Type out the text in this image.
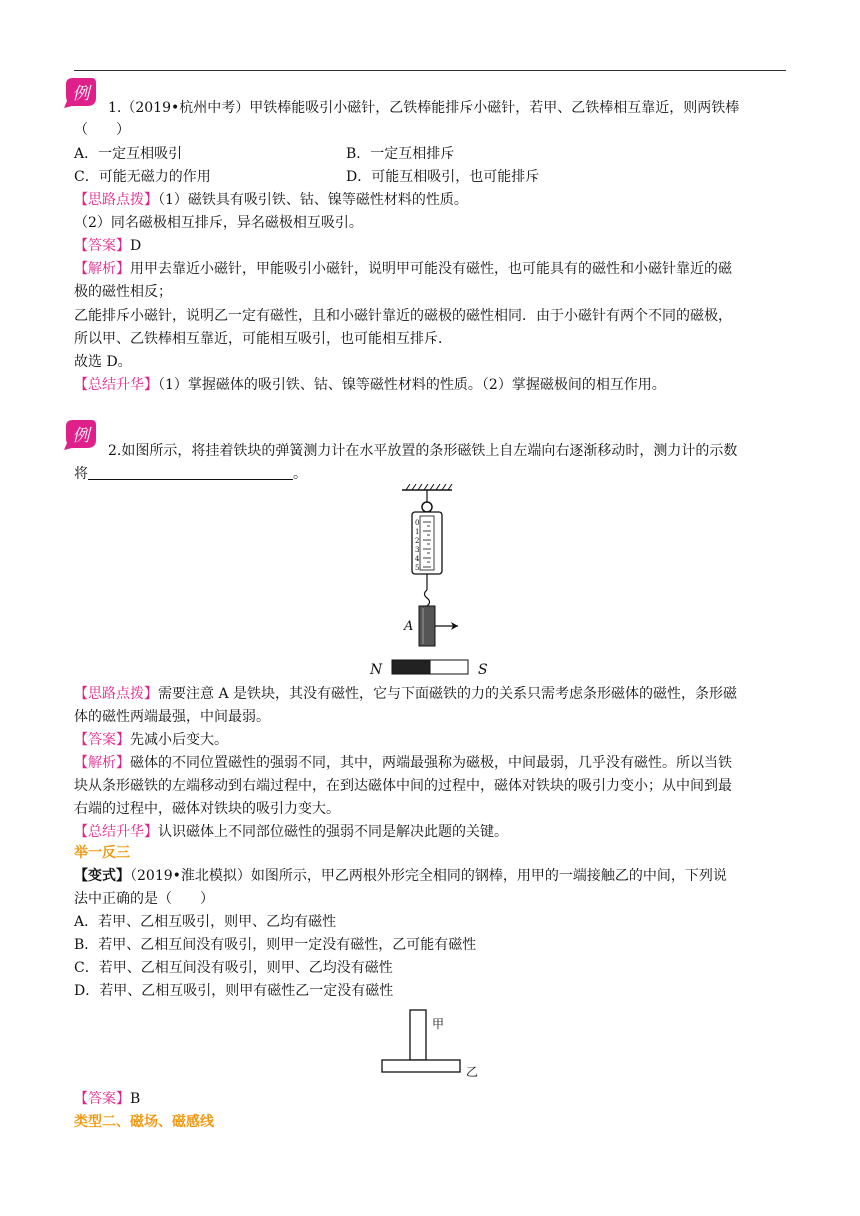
例
1.（2019•杭州中考）甲铁棒能吸引小磁针，乙铁棒能排斥小磁针，若甲、乙铁棒相互靠近，则两铁棒
（　　）
A．一定互相吸引	B．一定互相排斥
C．可能无磁力的作用	D．可能互相吸引，也可能排斥
【思路点拨】（1）磁铁具有吸引铁、钴、镍等磁性材料的性质。
（2）同名磁极相互排斥，异名磁极相互吸引。
【答案】D
【解析】用甲去靠近小磁针，甲能吸引小磁针，说明甲可能没有磁性，也可能具有的磁性和小磁针靠近的磁
极的磁性相反；
乙能排斥小磁针，说明乙一定有磁性，且和小磁针靠近的磁极的磁性相同．由于小磁针有两个不同的磁极，
所以甲、乙铁棒相互靠近，可能相互吸引，也可能相互排斥．
故选 D。
【总结升华】（1）掌握磁体的吸引铁、钴、镍等磁性材料的性质。（2）掌握磁极间的相互作用。
例
2.如图所示，将挂着铁块的弹簧测力计在水平放置的条形磁铁上自左端向右逐渐移动时，测力计的示数
将	。
0
1
2
3
4
5
A
N	S
【思路点拨】需要注意 A 是铁块，其没有磁性，它与下面磁铁的力的关系只需考虑条形磁体的磁性，条形磁
体的磁性两端最强，中间最弱。
【答案】先减小后变大。
【解析】磁体的不同位置磁性的强弱不同，其中，两端最强称为磁极，中间最弱，几乎没有磁性。所以当铁
块从条形磁铁的左端移动到右端过程中，在到达磁体中间的过程中，磁体对铁块的吸引力变小；从中间到最
右端的过程中，磁体对铁块的吸引力变大。
【总结升华】认识磁体上不同部位磁性的强弱不同是解决此题的关键。
举一反三
【变式】（2019•淮北模拟）如图所示，甲乙两根外形完全相同的钢棒，用甲的一端接触乙的中间，下列说
法中正确的是（　　）
A．若甲、乙相互吸引，则甲、乙均有磁性
B．若甲、乙相互间没有吸引，则甲一定没有磁性，乙可能有磁性
C．若甲、乙相互间没有吸引，则甲、乙均没有磁性
D．若甲、乙相互吸引，则甲有磁性乙一定没有磁性
甲
乙
【答案】B
类型二、磁场、磁感线
